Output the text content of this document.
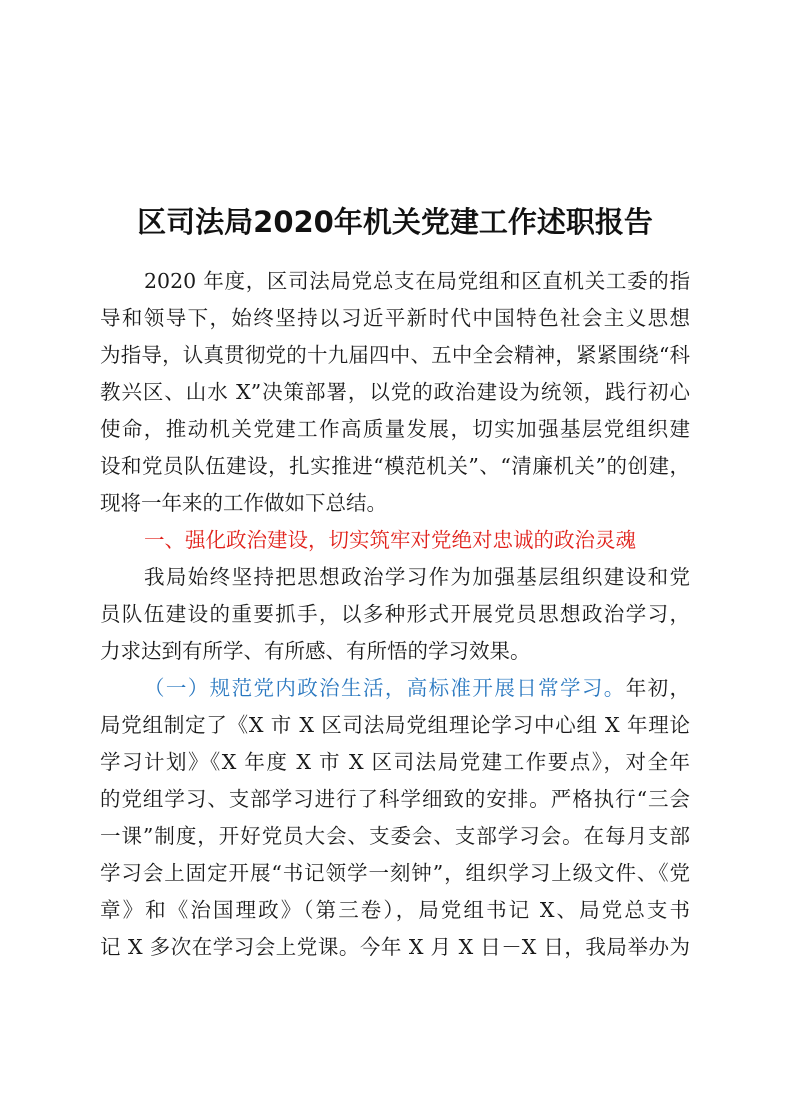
区司法局2020年机关党建工作述职报告
2020 年度，区司法局党总支在局党组和区直机关工委的指
导和领导下，始终坚持以习近平新时代中国特色社会主义思想
为指导，认真贯彻党的十九届四中、五中全会精神，紧紧围绕“科
教兴区、山水 X”决策部署，以党的政治建设为统领，践行初心
使命，推动机关党建工作高质量发展，切实加强基层党组织建
设和党员队伍建设，扎实推进“模范机关”、“清廉机关”的创建，
现将一年来的工作做如下总结。
一、强化政治建设，切实筑牢对党绝对忠诚的政治灵魂
我局始终坚持把思想政治学习作为加强基层组织建设和党
员队伍建设的重要抓手，以多种形式开展党员思想政治学习，
力求达到有所学、有所感、有所悟的学习效果。
（一）规范党内政治生活，高标准开展日常学习。年初，
局党组制定了《X 市 X 区司法局党组理论学习中心组 X 年理论
学习计划》《X 年度 X 市 X 区司法局党建工作要点》，对全年
的党组学习、支部学习进行了科学细致的安排。严格执行“三会
一课”制度，开好党员大会、支委会、支部学习会。在每月支部
学习会上固定开展“书记领学一刻钟”，组织学习上级文件、《党
章》和《治国理政》（第三卷），局党组书记 X、局党总支书
记 X 多次在学习会上党课。今年 X 月 X 日－X 日，我局举办为
